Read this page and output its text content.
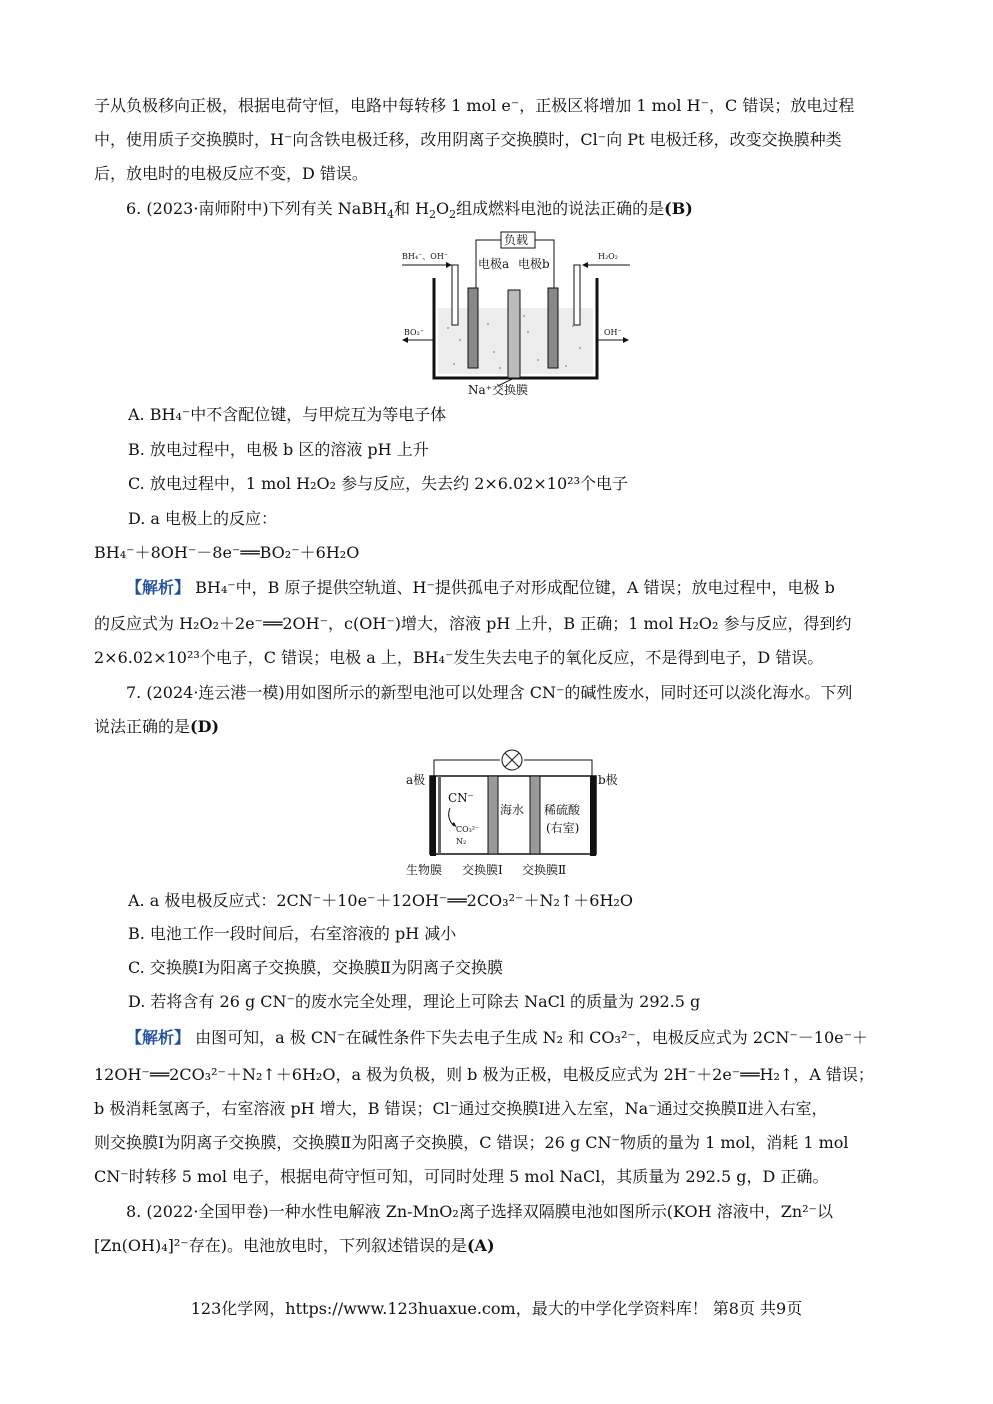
子从负极移向正极，根据电荷守恒，电路中每转移 1 mol e⁻，正极区将增加 1 mol H⁻，C 错误；放电过程

中，使用质子交换膜时，H⁻向含铁电极迁移，改用阴离子交换膜时，Cl⁻向 Pt 电极迁移，改变交换膜种类

后，放电时的电极反应不变，D 错误。

6. (2023·南师附中)下列有关 NaBH$_4$和 $H_2O_2$组成燃料电池的说法正确的是(B)

负载
电极a 电极b
BH₄⁻、OH⁻	H₂O₂
BO₂⁻	OH⁻
Na⁺交换膜

A. BH₄⁻中不含配位键，与甲烷互为等电子体

B. 放电过程中，电极 b 区的溶液 pH 上升

C. 放电过程中，1 mol H₂O₂ 参与反应，失去约 2×6.02×10²³个电子

D. a 电极上的反应：

BH₄⁻＋8OH⁻－8e⁻══BO₂⁻＋6H₂O

【解析】 BH₄⁻中，B 原子提供空轨道、H⁻提供孤电子对形成配位键，A 错误；放电过程中，电极 b

的反应式为 H₂O₂＋2e⁻══2OH⁻，c(OH⁻)增大，溶液 pH 上升，B 正确；1 mol H₂O₂ 参与反应，得到约

2×6.02×10²³个电子，C 错误；电极 a 上，BH₄⁻发生失去电子的氧化反应，不是得到电子，D 错误。

7. (2024·连云港一模)用如图所示的新型电池可以处理含 CN⁻的碱性废水，同时还可以淡化海水。下列

说法正确的是(D)

a极	b极
CN⁻
CO₃²⁻
N₂
海水 稀硫酸
(右室)
生物膜 交换膜Ⅰ 交换膜Ⅱ

A. a 极电极反应式：2CN⁻＋10e⁻＋12OH⁻══2CO₃²⁻＋N₂↑＋6H₂O

B. 电池工作一段时间后，右室溶液的 pH 减小

C. 交换膜Ⅰ为阳离子交换膜，交换膜Ⅱ为阴离子交换膜

D. 若将含有 26 g CN⁻的废水完全处理，理论上可除去 NaCl 的质量为 292.5 g

【解析】 由图可知，a 极 CN⁻在碱性条件下失去电子生成 N₂ 和 CO₃²⁻，电极反应式为 2CN⁻－10e⁻＋

12OH⁻══2CO₃²⁻＋N₂↑＋6H₂O，a 极为负极，则 b 极为正极，电极反应式为 2H⁻＋2e⁻══H₂↑，A 错误；

b 极消耗氢离子，右室溶液 pH 增大，B 错误；Cl⁻通过交换膜Ⅰ进入左室，Na⁻通过交换膜Ⅱ进入右室，

则交换膜Ⅰ为阴离子交换膜，交换膜Ⅱ为阳离子交换膜，C 错误；26 g CN⁻物质的量为 1 mol，消耗 1 mol

CN⁻时转移 5 mol 电子，根据电荷守恒可知，可同时处理 5 mol NaCl，其质量为 292.5 g，D 正确。

8. (2022·全国甲卷)一种水性电解液 Zn-MnO₂离子选择双隔膜电池如图所示(KOH 溶液中，Zn²⁻以

[Zn(OH)₄]²⁻存在)。电池放电时，下列叙述错误的是(A)

123化学网，https://www.123huaxue.com，最大的中学化学资料库！ 第8页 共9页
